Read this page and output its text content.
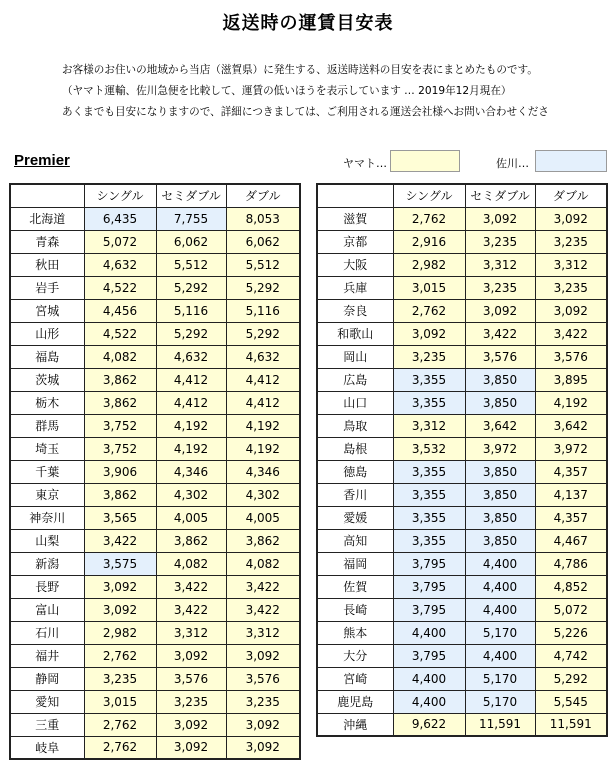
返送時の運賃目安表
お客様のお住いの地域から当店（滋賀県）に発生する、返送時送料の目安を表にまとめたものです。
（ヤマト運輸、佐川急便を比較して、運賃の低いほうを表示しています … 2019年12月現在）
あくまでも目安になりますので、詳細につきましては、ご利用される運送会社様へお問い合わせくださ
Premier	ヤマト…	佐川…
	シングル	セミダブル	ダブル
北海道	6,435	7,755	8,053
青森	5,072	6,062	6,062
秋田	4,632	5,512	5,512
岩手	4,522	5,292	5,292
宮城	4,456	5,116	5,116
山形	4,522	5,292	5,292
福島	4,082	4,632	4,632
茨城	3,862	4,412	4,412
栃木	3,862	4,412	4,412
群馬	3,752	4,192	4,192
埼玉	3,752	4,192	4,192
千葉	3,906	4,346	4,346
東京	3,862	4,302	4,302
神奈川	3,565	4,005	4,005
山梨	3,422	3,862	3,862
新潟	3,575	4,082	4,082
長野	3,092	3,422	3,422
富山	3,092	3,422	3,422
石川	2,982	3,312	3,312
福井	2,762	3,092	3,092
静岡	3,235	3,576	3,576
愛知	3,015	3,235	3,235
三重	2,762	3,092	3,092
岐阜	2,762	3,092	3,092
	シングル	セミダブル	ダブル
滋賀	2,762	3,092	3,092
京都	2,916	3,235	3,235
大阪	2,982	3,312	3,312
兵庫	3,015	3,235	3,235
奈良	2,762	3,092	3,092
和歌山	3,092	3,422	3,422
岡山	3,235	3,576	3,576
広島	3,355	3,850	3,895
山口	3,355	3,850	4,192
鳥取	3,312	3,642	3,642
島根	3,532	3,972	3,972
徳島	3,355	3,850	4,357
香川	3,355	3,850	4,137
愛媛	3,355	3,850	4,357
高知	3,355	3,850	4,467
福岡	3,795	4,400	4,786
佐賀	3,795	4,400	4,852
長崎	3,795	4,400	5,072
熊本	4,400	5,170	5,226
大分	3,795	4,400	4,742
宮崎	4,400	5,170	5,292
鹿児島	4,400	5,170	5,545
沖縄	9,622	11,591	11,591
